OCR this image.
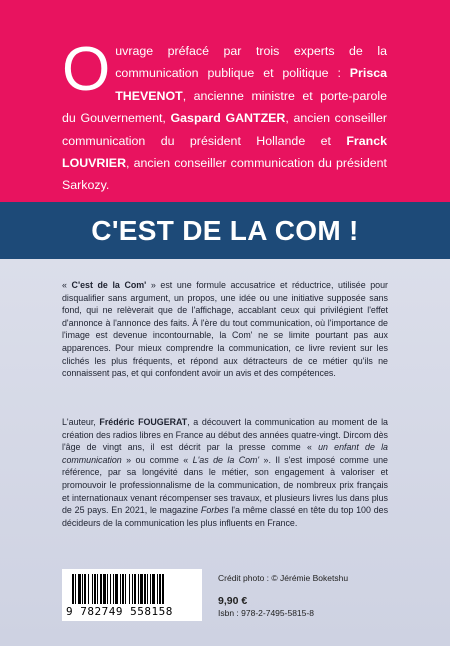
Ouvrage préfacé par trois experts de la communication publique et politique : Prisca THEVENOT, ancienne ministre et porte-parole du Gouvernement, Gaspard GANTZER, ancien conseiller communication du président Hollande et Franck LOUVRIER, ancien conseiller communication du président Sarkozy.
C'EST DE LA COM !

« C'est de la Com' » est une formule accusatrice et réductrice, utilisée pour disqualifier sans argument, un propos, une idée ou une initiative supposée sans fond, qui ne relèverait que de l'affichage, accablant ceux qui privilégient l'effet d'annonce à l'annonce des faits. À l'ère du tout communication, où l'importance de l'image est devenue incontournable, la Com' ne se limite pourtant pas aux apparences. Pour mieux comprendre la communication, ce livre revient sur les clichés les plus fréquents, et répond aux détracteurs de ce métier qu'ils ne connaissent pas, et qui confondent avoir un avis et des compétences.

L'auteur, Frédéric FOUGERAT, a découvert la communication au moment de la création des radios libres en France au début des années quatre-vingt. Dircom dès l'âge de vingt ans, il est décrit par la presse comme « un enfant de la communication » ou comme « L'as de la Com' ». Il s'est imposé comme une référence, par sa longévité dans le métier, son engagement à valoriser et promouvoir le professionnalisme de la communication, de nombreux prix français et internationaux venant récompenser ses travaux, et plusieurs livres lus dans plus de 25 pays. En 2021, le magazine Forbes l'a même classé en tête du top 100 des décideurs de la communication les plus influents en France.

9 782749 558158
Crédit photo : © Jérémie Boketshu
9,90 €
Isbn : 978-2-7495-5815-8
